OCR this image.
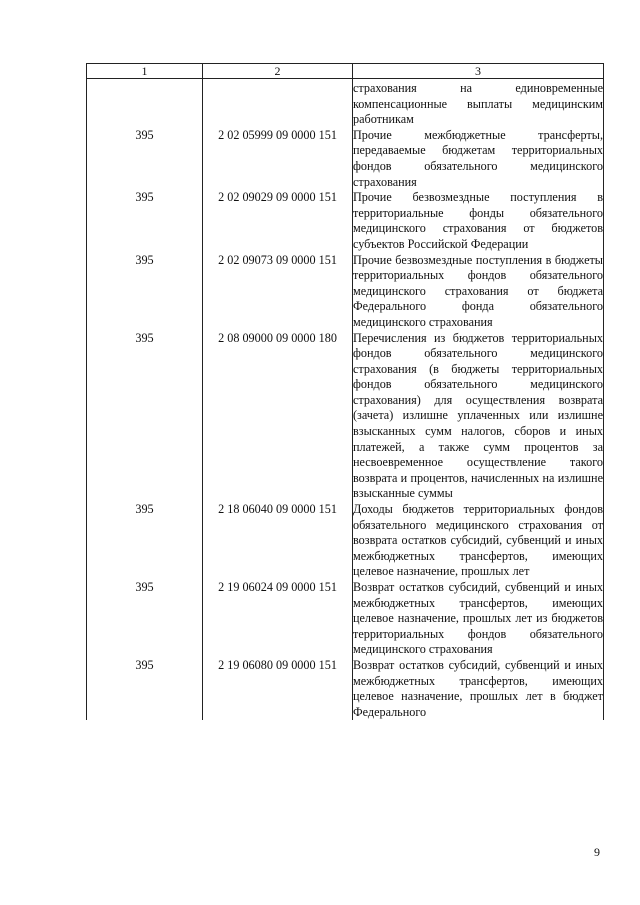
1	2	3
		страхования на единовременные компенсационные выплаты медицинским работникам
395	2 02 05999 09 0000 151	Прочие межбюджетные трансферты, передаваемые бюджетам территориальных фондов обязательного медицинского страхования
395	2 02 09029 09 0000 151	Прочие безвозмездные поступления в территориальные фонды обязательного медицинского страхования от бюджетов субъектов Российской Федерации
395	2 02 09073 09 0000 151	Прочие безвозмездные поступления в бюджеты территориальных фондов обязательного медицинского страхования от бюджета Федерального фонда обязательного медицинского страхования
395	2 08 09000 09 0000 180	Перечисления из бюджетов территориальных фондов обязательного медицинского страхования (в бюджеты территориальных фондов обязательного медицинского страхования) для осуществления возврата (зачета) излишне уплаченных или излишне взысканных сумм налогов, сборов и иных платежей, а также сумм процентов за несвоевременное осуществление такого возврата и процентов, начисленных на излишне взысканные суммы
395	2 18 06040 09 0000 151	Доходы бюджетов территориальных фондов обязательного медицинского страхования от возврата остатков субсидий, субвенций и иных межбюджетных трансфертов, имеющих целевое назначение, прошлых лет
395	2 19 06024 09 0000 151	Возврат остатков субсидий, субвенций и иных межбюджетных трансфертов, имеющих целевое назначение, прошлых лет из бюджетов территориальных фондов обязательного медицинского страхования
395	2 19 06080 09 0000 151	Возврат остатков субсидий, субвенций и иных межбюджетных трансфертов, имеющих целевое назначение, прошлых лет в бюджет Федерального
9
